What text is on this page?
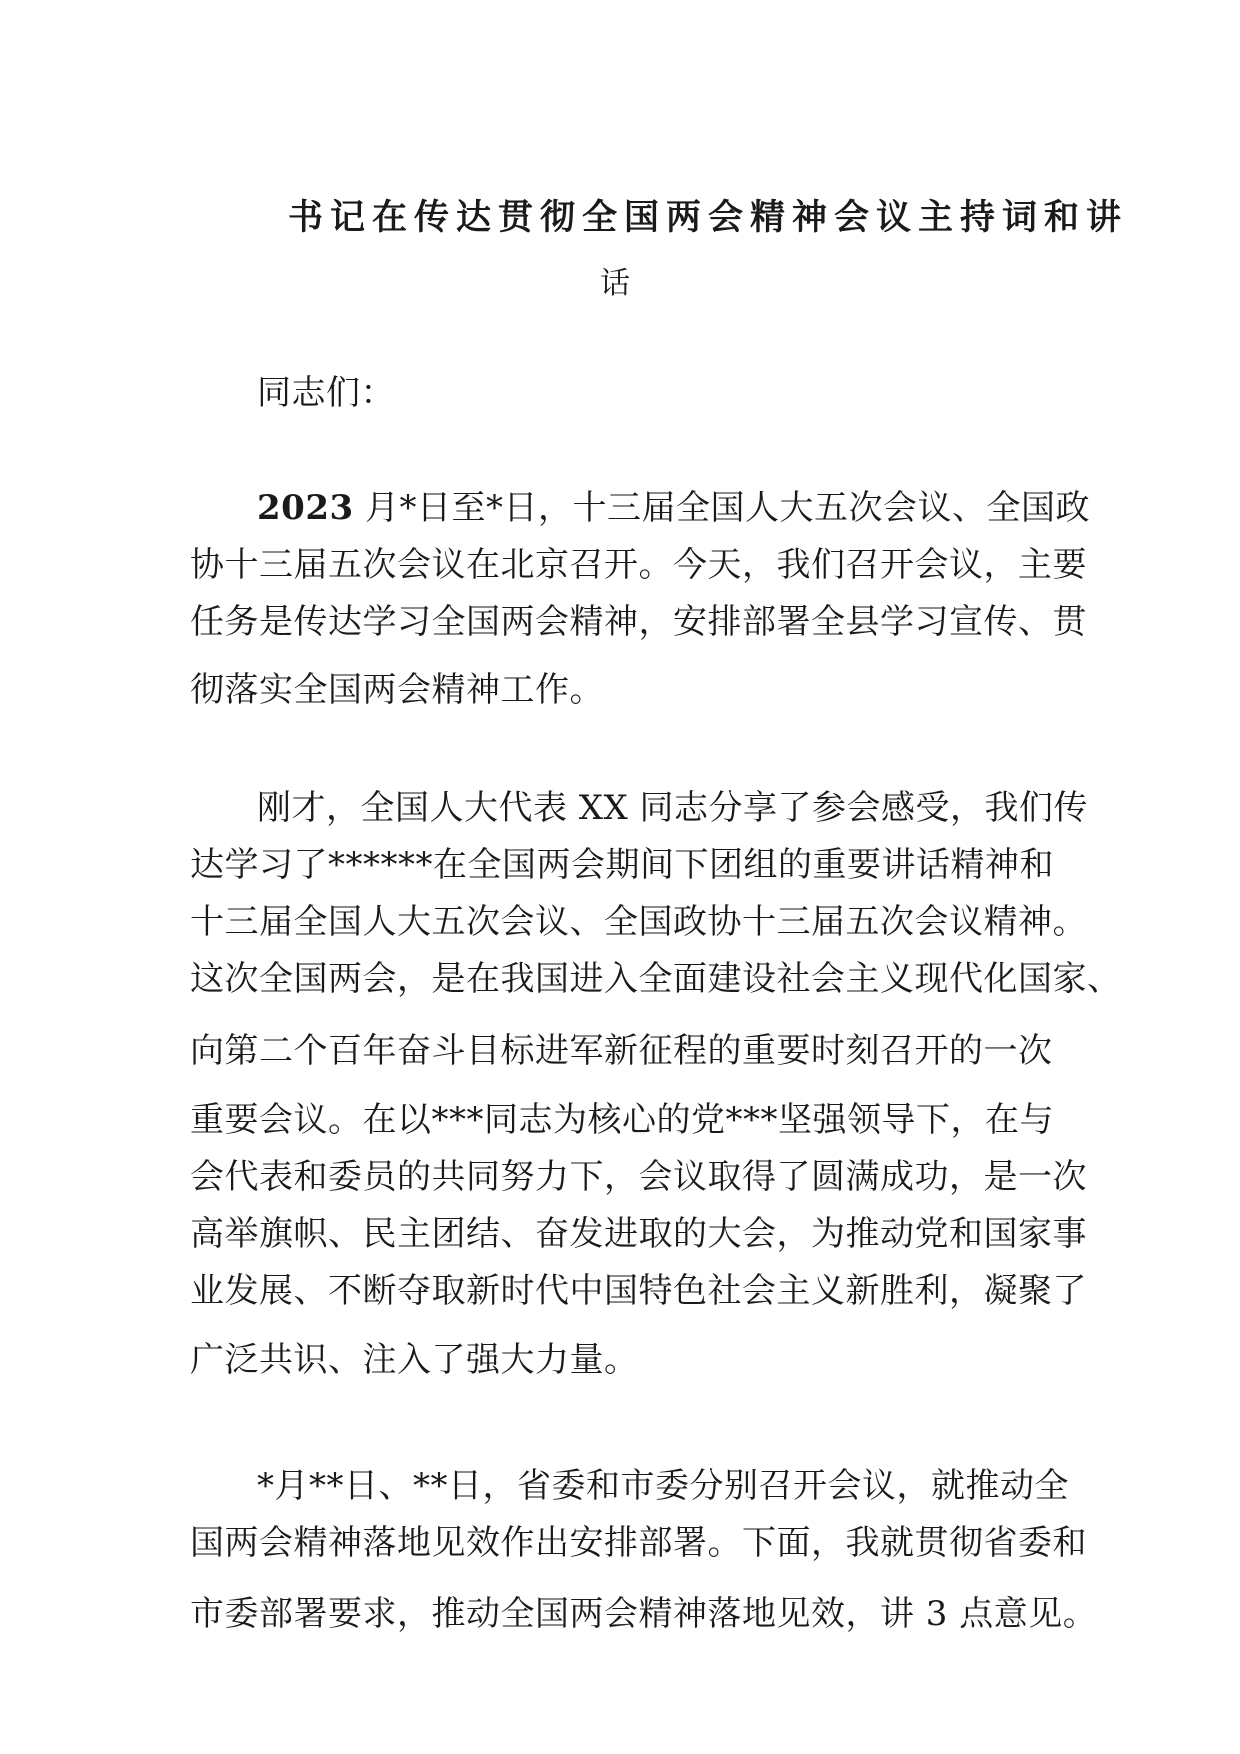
书记在传达贯彻全国两会精神会议主持词和讲
话
同志们：
2023 月*日至*日，十三届全国人大五次会议、全国政
协十三届五次会议在北京召开。今天，我们召开会议，主要
任务是传达学习全国两会精神，安排部署全县学习宣传、贯
彻落实全国两会精神工作。
刚才，全国人大代表 XX 同志分享了参会感受，我们传
达学习了******在全国两会期间下团组的重要讲话精神和
十三届全国人大五次会议、全国政协十三届五次会议精神。
这次全国两会，是在我国进入全面建设社会主义现代化国家、
向第二个百年奋斗目标进军新征程的重要时刻召开的一次
重要会议。在以***同志为核心的党***坚强领导下，在与
会代表和委员的共同努力下，会议取得了圆满成功，是一次
高举旗帜、民主团结、奋发进取的大会，为推动党和国家事
业发展、不断夺取新时代中国特色社会主义新胜利，凝聚了
广泛共识、注入了强大力量。
*月**日、**日，省委和市委分别召开会议，就推动全
国两会精神落地见效作出安排部署。下面，我就贯彻省委和
市委部署要求，推动全国两会精神落地见效，讲 3 点意见。
